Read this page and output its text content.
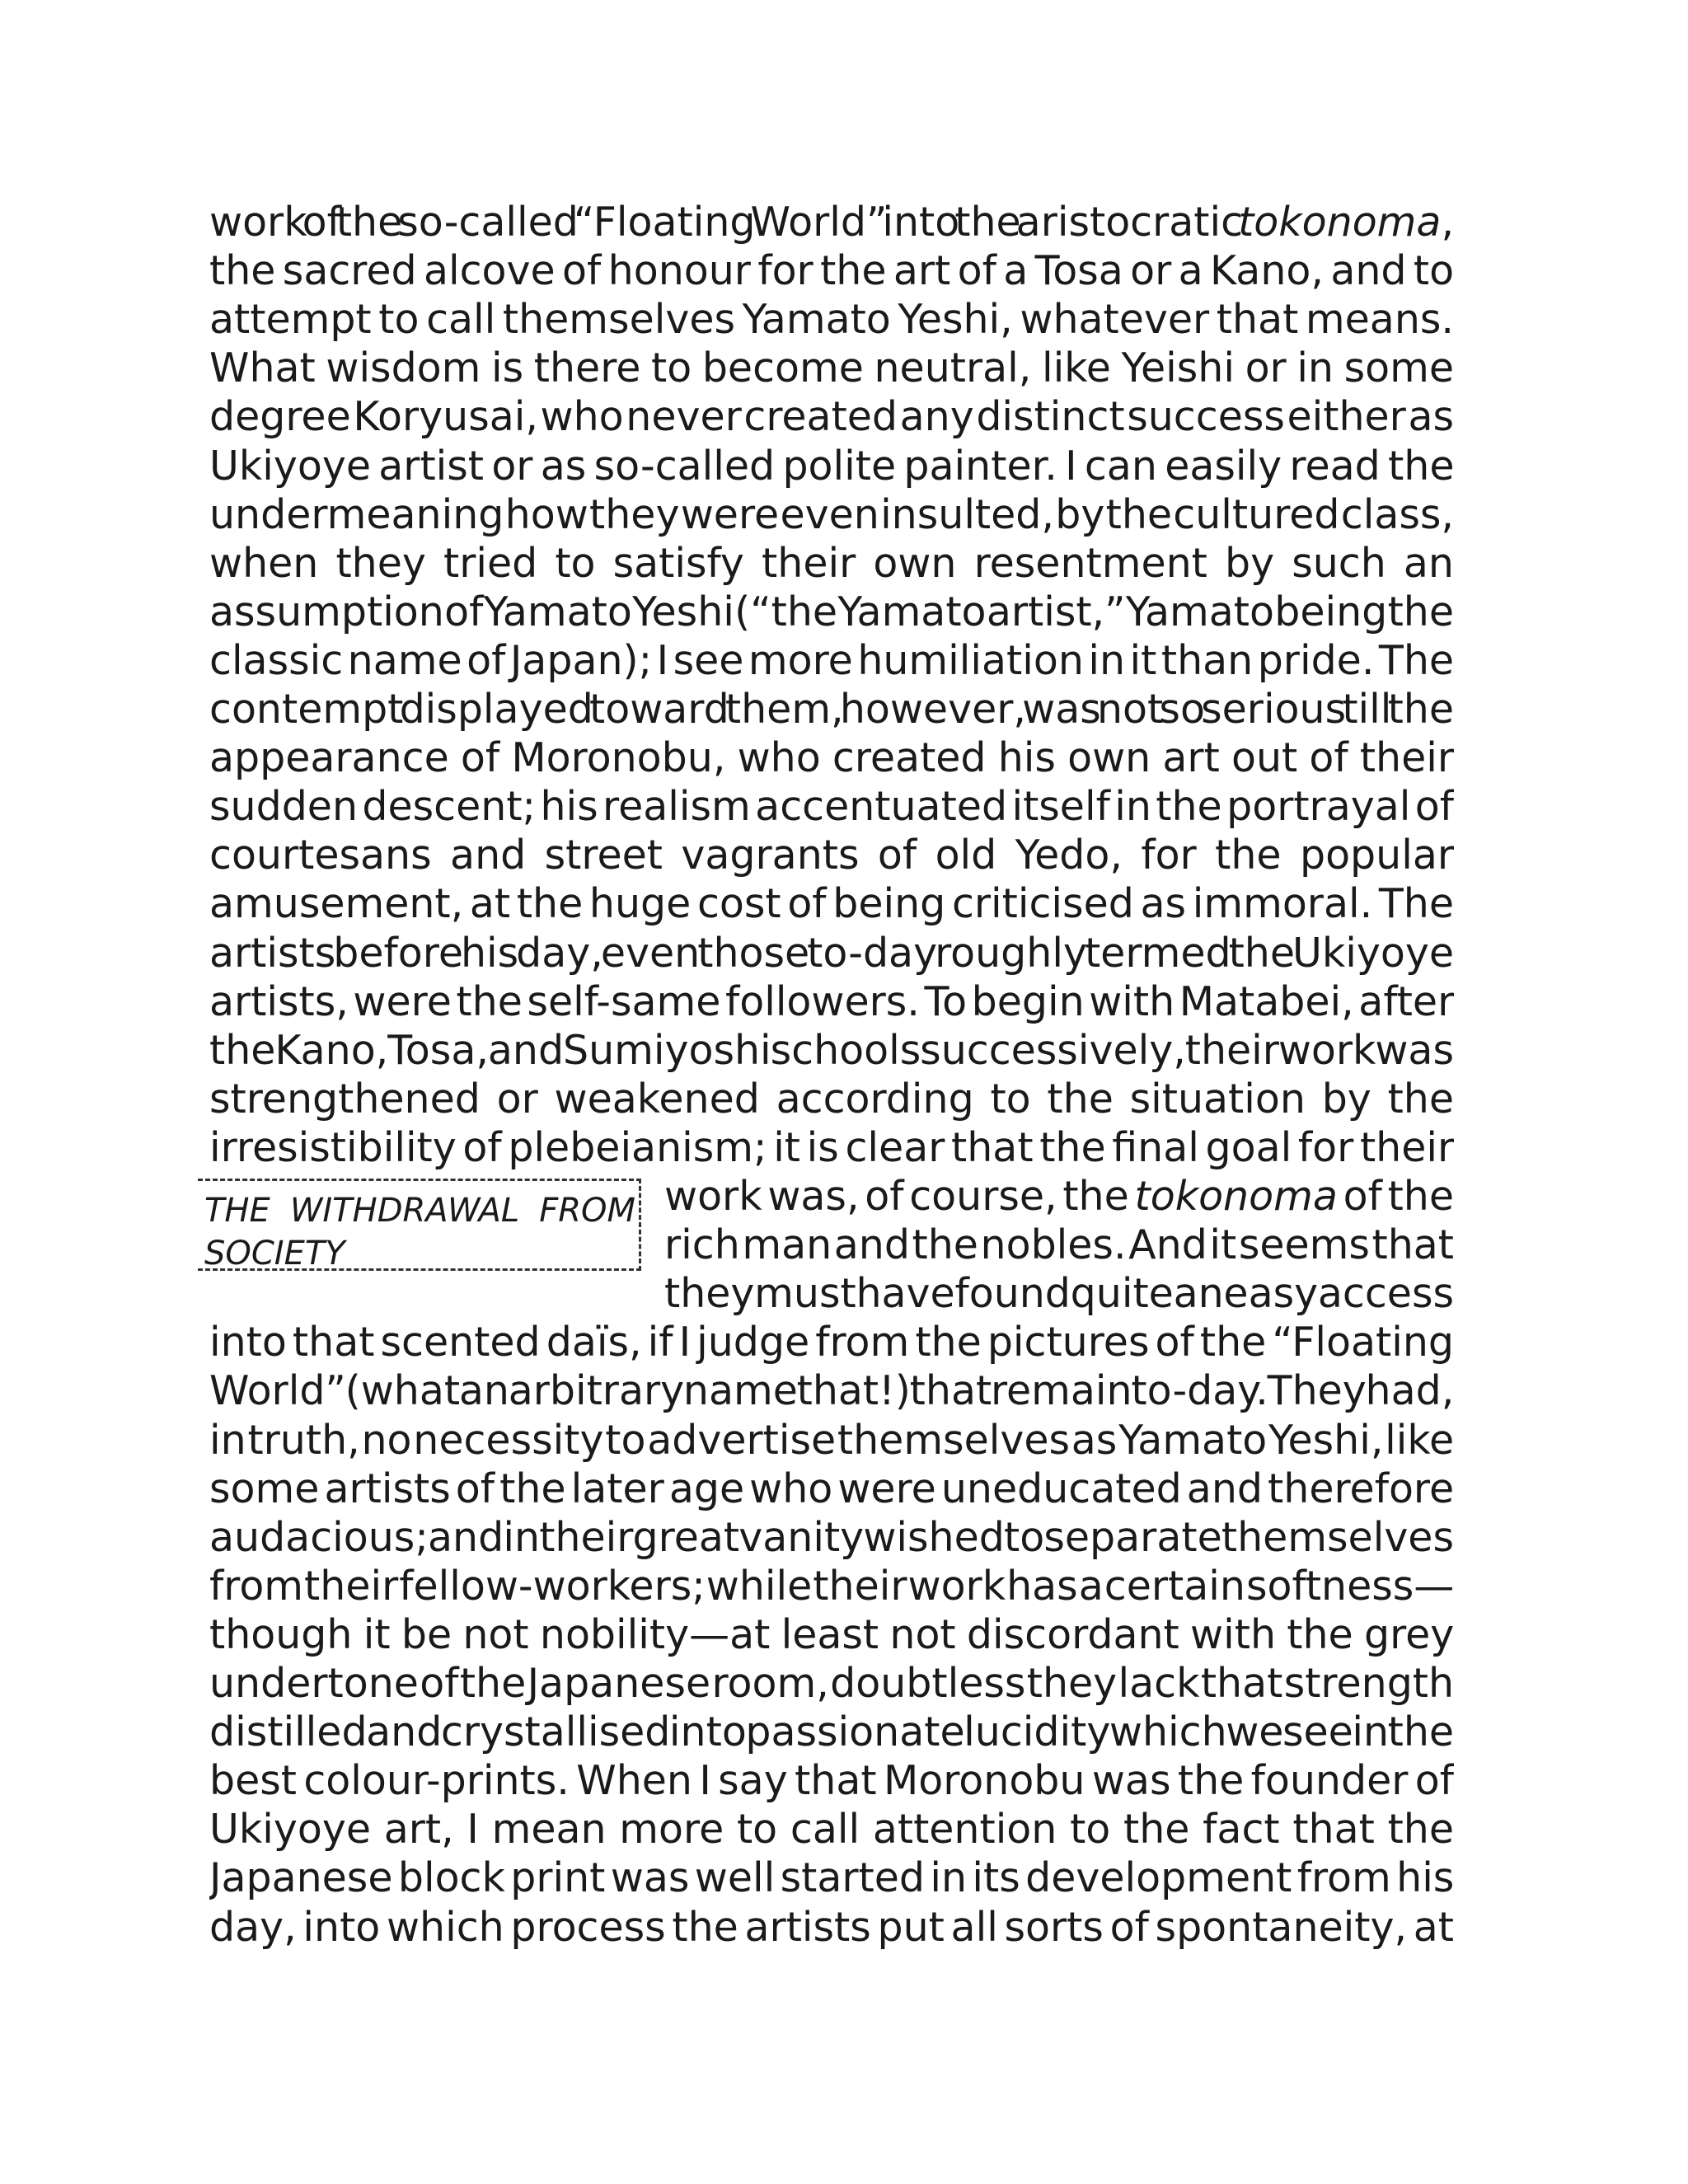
THE WITHDRAWAL FROM
SOCIETY
work of the so-called “Floating World” into the aristocratic tokonoma,
the sacred alcove of honour for the art of a Tosa or a Kano, and to
attempt to call themselves Yamato Yeshi, whatever that means.
What wisdom is there to become neutral, like Yeishi or in some
degree Koryusai, who never created any distinct success either as
Ukiyoye artist or as so-called polite painter. I can easily read the
undermeaning how they were even insulted, by the cultured class,
when they tried to satisfy their own resentment by such an
assumption of Yamato Yeshi (“the Yamato artist,” Yamato being the
classic name of Japan); I see more humiliation in it than pride. The
contempt displayed toward them, however, was not so serious till the
appearance of Moronobu, who created his own art out of their
sudden descent; his realism accentuated itself in the portrayal of
courtesans and street vagrants of old Yedo, for the popular
amusement, at the huge cost of being criticised as immoral. The
artists before his day, even those to-day roughly termed the Ukiyoye
artists, were the self-same followers. To begin with Matabei, after
the Kano, Tosa, and Sumiyoshi schools successively, their work was
strengthened or weakened according to the situation by the
irresistibility of plebeianism; it is clear that the final goal for their
work was, of course, the tokonoma of the
rich man and the nobles. And it seems that
they must have found quite an easy access
into that scented daïs, if I judge from the pictures of the “Floating
World” (what an arbitrary name that!) that remain to-day. They had,
in truth, no necessity to advertise themselves as Yamato Yeshi, like
some artists of the later age who were uneducated and therefore
audacious; and in their great vanity wished to separate themselves
from their fellow-workers; while their work has a certain softness—
though it be not nobility—at least not discordant with the grey
undertone of the Japanese room, doubtless they lack that strength
distilled and crystallised into passionate lucidity which we see in the
best colour-prints. When I say that Moronobu was the founder of
Ukiyoye art, I mean more to call attention to the fact that the
Japanese block print was well started in its development from his
day, into which process the artists put all sorts of spontaneity, at
